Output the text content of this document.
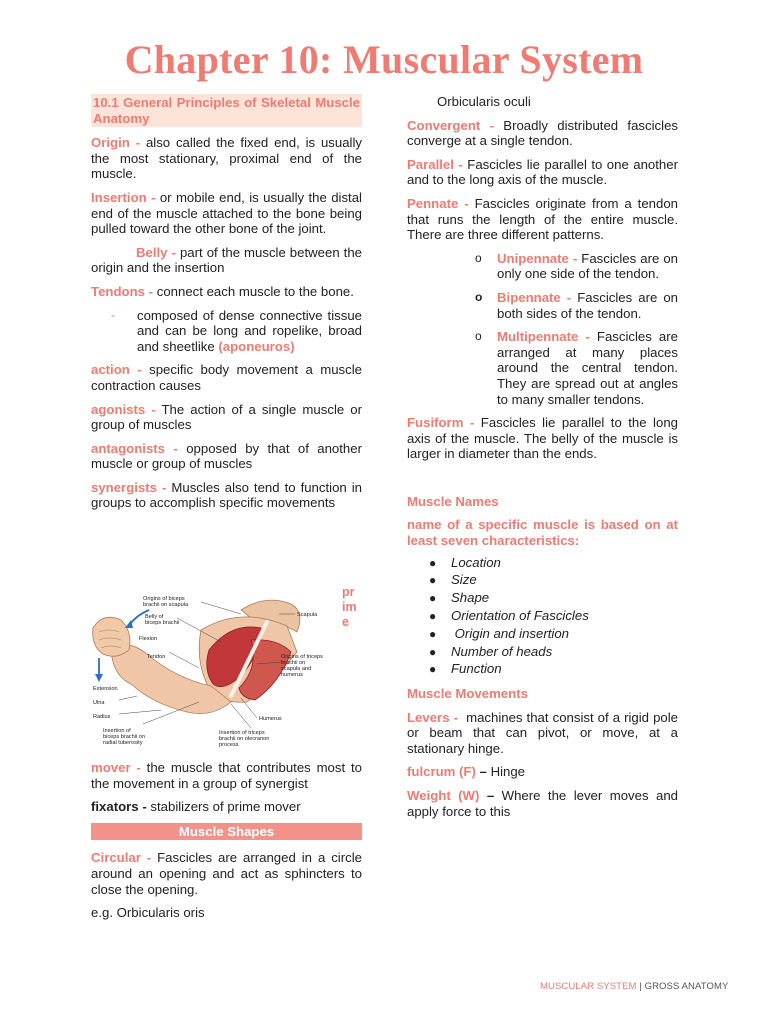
Chapter 10: Muscular System
10.1 General Principles of Skeletal Muscle Anatomy
Origin - also called the fixed end, is usually the most stationary, proximal end of the muscle.
Insertion - or mobile end, is usually the distal end of the muscle attached to the bone being pulled toward the other bone of the joint.
Belly - part of the muscle between the origin and the insertion
Tendons - connect each muscle to the bone.
-	composed of dense connective tissue and can be long and ropelike, broad and sheetlike (aponeuros)
action - specific body movement a muscle contraction causes
agonists - The action of a single muscle or group of muscles
antagonists - opposed by that of another muscle or group of muscles
synergists - Muscles also tend to function in groups to accomplish specific movements
pr
im
e
Origins of biceps brachii on scapula
Belly of biceps brachii
Scapula
Flexion
Tendon	Origins of triceps brachii on scapula and humerus
Extension
Ulna
Radius	Humerus
Insertion of biceps brachii on radial tuberosity
Insertion of triceps brachii on olecranon process
mover - the muscle that contributes most to the movement in a group of synergist
fixators - stabilizers of prime mover
Muscle Shapes
Circular - Fascicles are arranged in a circle around an opening and act as sphincters to close the opening.
e.g. Orbicularis oris
Orbicularis oculi
Convergent - Broadly distributed fascicles converge at a single tendon.
Parallel - Fascicles lie parallel to one another and to the long axis of the muscle.
Pennate - Fascicles originate from a tendon that runs the length of the entire muscle. There are three different patterns.
o	Unipennate - Fascicles are on only one side of the tendon.
o	Bipennate - Fascicles are on both sides of the tendon.
o	Multipennate - Fascicles are arranged at many places around the central tendon. They are spread out at angles to many smaller tendons.
Fusiform - Fascicles lie parallel to the long axis of the muscle. The belly of the muscle is larger in diameter than the ends.
Muscle Names
name of a specific muscle is based on at least seven characteristics:
●	Location
●	Size
●	Shape
●	Orientation of Fascicles
●	Origin and insertion
●	Number of heads
●	Function
Muscle Movements
Levers - machines that consist of a rigid pole or beam that can pivot, or move, at a stationary hinge.
fulcrum (F) – Hinge
Weight (W) – Where the lever moves and apply force to this
MUSCULAR SYSTEM | GROSS ANATOMY
